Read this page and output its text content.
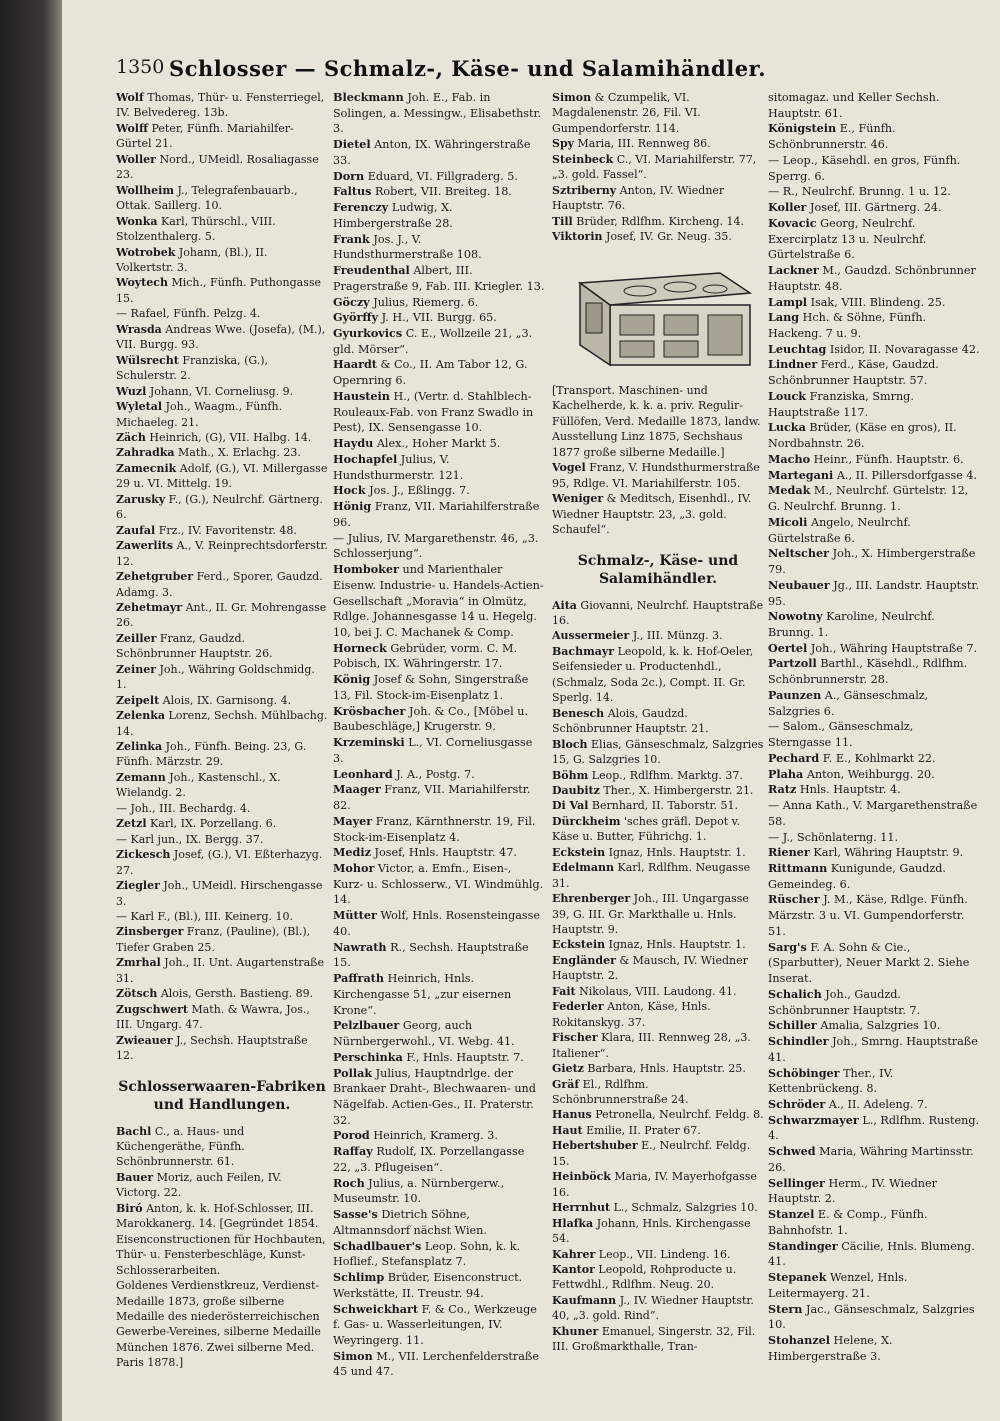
1350 Schlosser — Schmalz-, Käse- und Salamihändler.

Wolf Thomas, Thür- u. Fensterriegel, IV. Belvedereg. 13b.

Wolff Peter, Fünfh. Mariahilfer-Gürtel 21.

Woller Nord., UMeidl. Rosaliagasse 23.

Wollheim J., Telegrafenbauarb., Ottak. Saillerg. 10.

Wonka Karl, Thürschl., VIII. Stolzenthalerg. 5.

Wotrobek Johann, (Bl.), II. Volkertstr. 3.

Woytech Mich., Fünfh. Puthongasse 15.

— Rafael, Fünfh. Pelzg. 4.

Wrasda Andreas Wwe. (Josefa), (M.), VII. Burgg. 93.

Wülsrecht Franziska, (G.), Schulerstr. 2.

Wuzl Johann, VI. Corneliusg. 9.

Wyletal Joh., Waagm., Fünfh. Michaeleg. 21.

Zäch Heinrich, (G), VII. Halbg. 14.

Zahradka Math., X. Erlachg. 23.

Zamecnik Adolf, (G.), VI. Millergasse 29 u. VI. Mittelg. 19.

Zarusky F., (G.), Neulrchf. Gärtnerg. 6.

Zaufal Frz., IV. Favoritenstr. 48.

Zawerlits A., V. Reinprechtsdorferstr. 12.

Zehetgruber Ferd., Sporer, Gaudzd. Adamg. 3.

Zehetmayr Ant., II. Gr. Mohrengasse 26.

Zeiller Franz, Gaudzd. Schönbrunner Hauptstr. 26.

Zeiner Joh., Währing Goldschmidg. 1.

Zeipelt Alois, IX. Garnisong. 4.

Zelenka Lorenz, Sechsh. Mühlbachg. 14.

Zelinka Joh., Fünfh. Being. 23, G. Fünfh. Märzstr. 29.

Zemann Joh., Kastenschl., X. Wielandg. 2.

— Joh., III. Bechardg. 4.

Zetzl Karl, IX. Porzellang. 6.

— Karl jun., IX. Bergg. 37.

Zickesch Josef, (G.), VI. Eßterhazyg. 27.

Ziegler Joh., UMeidl. Hirschengasse 3.

— Karl F., (Bl.), III. Keinerg. 10.

Zinsberger Franz, (Pauline), (Bl.), Tiefer Graben 25.

Zmrhal Joh., II. Unt. Augartenstraße 31.

Zötsch Alois, Gersth. Bastieng. 89.

Zugschwert Math. & Wawra, Jos., III. Ungarg. 47.

Zwieauer J., Sechsh. Hauptstraße 12.

Schlosserwaaren-Fabriken und Handlungen.

Bachl C., a. Haus- und Küchengeräthe, Fünfh. Schönbrunnerstr. 61.

Bauer Moriz, auch Feilen, IV. Victorg. 22.

Biró Anton, k. k. Hof-Schlosser, III. Marokkanerg. 14. [Gegründet 1854. Eisenconstructionen für Hochbauten, Thür- u. Fensterbeschläge, Kunst-Schlosserarbeiten.

Goldenes Verdienstkreuz, Verdienst-Medaille 1873, große silberne Medaille des niederösterreichischen Gewerbe-Vereines, silberne Medaille München 1876. Zwei silberne Med. Paris 1878.]

Bleckmann Joh. E., Fab. in Solingen, a. Messingw., Elisabethstr. 3.

Dietel Anton, IX. Währingerstraße 33.

Dorn Eduard, VI. Fillgraderg. 5.

Faltus Robert, VII. Breiteg. 18.

Ferenczy Ludwig, X. Himbergerstraße 28.

Frank Jos. J., V. Hundsthurmerstraße 108.

Freudenthal Albert, III. Pragerstraße 9, Fab. III. Kriegler. 13.

Göczy Julius, Riemerg. 6.

Györffy J. H., VII. Burgg. 65.

Gyurkovics C. E., Wollzeile 21, „3. gld. Mörser“.

Haardt & Co., II. Am Tabor 12, G. Opernring 6.

Haustein H., (Vertr. d. Stahlblech-Rouleaux-Fab. von Franz Swadlo in Pest), IX. Sensengasse 10.

Haydu Alex., Hoher Markt 5.

Hochapfel Julius, V. Hundsthurmerstr. 121.

Hock Jos. J., Eßlingg. 7.

Hönig Franz, VII. Mariahilferstraße 96.

— Julius, IV. Margarethenstr. 46, „3. Schlosserjung“.

Homboker und Marienthaler Eisenw. Industrie- u. Handels-Actien-Gesellschaft „Moravia“ in Olmütz, Rdlge. Johannesgasse 14 u. Hegelg. 10, bei J. C. Machanek & Comp.

Horneck Gebrüder, vorm. C. M. Pobisch, IX. Währingerstr. 17.

König Josef & Sohn, Singerstraße 13, Fil. Stock-im-Eisenplatz 1.

Krösbacher Joh. & Co., [Möbel u. Baubeschläge,] Krugerstr. 9.

Krzeminski L., VI. Corneliusgasse 3.

Leonhard J. A., Postg. 7.

Maager Franz, VII. Mariahilferstr. 82.

Mayer Franz, Kärnthnerstr. 19, Fil. Stock-im-Eisenplatz 4.

Mediz Josef, Hnls. Hauptstr. 47.

Mohor Victor, a. Emfn., Eisen-, Kurz- u. Schlosserw., VI. Windmühlg. 14.

Mütter Wolf, Hnls. Rosensteingasse 40.

Nawrath R., Sechsh. Hauptstraße 15.

Paffrath Heinrich, Hnls. Kirchengasse 51, „zur eisernen Krone“.

Pelzlbauer Georg, auch Nürnbergerwohl., VI. Webg. 41.

Perschinka F., Hnls. Hauptstr. 7.

Pollak Julius, Hauptndrlge. der Brankaer Draht-, Blechwaaren- und Nägelfab. Actien-Ges., II. Praterstr. 32.

Porod Heinrich, Kramerg. 3.

Raffay Rudolf, IX. Porzellangasse 22, „3. Pflugeisen“.

Roch Julius, a. Nürnbergerw., Museumstr. 10.

Sasse's Dietrich Söhne, Altmannsdorf nächst Wien.

Schadlbauer's Leop. Sohn, k. k. Hoflief., Stefansplatz 7.

Schlimp Brüder, Eisenconstruct. Werkstätte, II. Treustr. 94.

Schweickhart F. & Co., Werkzeuge f. Gas- u. Wasserleitungen, IV. Weyringerg. 11.

Simon M., VII. Lerchenfelderstraße 45 und 47.

Simon & Czumpelik, VI. Magdalenenstr. 26, Fil. VI. Gumpendorferstr. 114.

Spy Maria, III. Rennweg 86.

Steinbeck C., VI. Mariahilferstr. 77, „3. gold. Fassel“.

Sztriberny Anton, IV. Wiedner Hauptstr. 76.

Till Brüder, Rdlfhm. Kircheng. 14.

Viktorin Josef, IV. Gr. Neug. 35.

[Transport. Maschinen- und Kachelherde, k. k. a. priv. Regulir-Füllöfen, Verd. Medaille 1873, landw. Ausstellung Linz 1875, Sechshaus 1877 große silberne Medaille.]

Vogel Franz, V. Hundsthurmerstraße 95, Rdlge. VI. Mariahilferstr. 105.

Weniger & Meditsch, Eisenhdl., IV. Wiedner Hauptstr. 23, „3. gold. Schaufel“.

Schmalz-, Käse- und Salamihändler.

Aita Giovanni, Neulrchf. Hauptstraße 16.

Aussermeier J., III. Münzg. 3.

Bachmayr Leopold, k. k. Hof-Oeler, Seifensieder u. Productenhdl., (Schmalz, Soda 2c.), Compt. II. Gr. Sperlg. 14.

Benesch Alois, Gaudzd. Schönbrunner Hauptstr. 21.

Bloch Elias, Gänseschmalz, Salzgries 15, G. Salzgries 10.

Böhm Leop., Rdlfhm. Marktg. 37.

Daubitz Ther., X. Himbergerstr. 21.

Di Val Bernhard, II. Taborstr. 51.

Dürckheim 'sches gräfl. Depot v. Käse u. Butter, Führichg. 1.

Eckstein Ignaz, Hnls. Hauptstr. 1.

Edelmann Karl, Rdlfhm. Neugasse 31.

Ehrenberger Joh., III. Ungargasse 39, G. III. Gr. Markthalle u. Hnls. Hauptstr. 9.

Eckstein Ignaz, Hnls. Hauptstr. 1.

Engländer & Mausch, IV. Wiedner Hauptstr. 2.

Fait Nikolaus, VIII. Laudong. 41.

Federler Anton, Käse, Hnls. Rokitanskyg. 37.

Fischer Klara, III. Rennweg 28, „3. Italiener“.

Gietz Barbara, Hnls. Hauptstr. 25.

Gräf El., Rdlfhm. Schönbrunnerstraße 24.

Hanus Petronella, Neulrchf. Feldg. 8.

Haut Emilie, II. Prater 67.

Hebertshuber E., Neulrchf. Feldg. 15.

Heinböck Maria, IV. Mayerhofgasse 16.

Herrnhut L., Schmalz, Salzgries 10.

Hlafka Johann, Hnls. Kirchengasse 54.

Kahrer Leop., VII. Lindeng. 16.

Kantor Leopold, Rohproducte u. Fettwdhl., Rdlfhm. Neug. 20.

Kaufmann J., IV. Wiedner Hauptstr. 40, „3. gold. Rind“.

Khuner Emanuel, Singerstr. 32, Fil. III. Großmarkthalle, Tran-

sitomagaz. und Keller Sechsh. Hauptstr. 61.

Königstein E., Fünfh. Schönbrunnerstr. 46.

— Leop., Käsehdl. en gros, Fünfh. Sperrg. 6.

— R., Neulrchf. Brunng. 1 u. 12.

Koller Josef, III. Gärtnerg. 24.

Kovacic Georg, Neulrchf. Exercirplatz 13 u. Neulrchf. Gürtelstraße 6.

Lackner M., Gaudzd. Schönbrunner Hauptstr. 48.

Lampl Isak, VIII. Blindeng. 25.

Lang Hch. & Söhne, Fünfh. Hackeng. 7 u. 9.

Leuchtag Isidor, II. Novaragasse 42.

Lindner Ferd., Käse, Gaudzd. Schönbrunner Hauptstr. 57.

Louck Franziska, Smrng. Hauptstraße 117.

Lucka Brüder, (Käse en gros), II. Nordbahnstr. 26.

Macho Heinr., Fünfh. Hauptstr. 6.

Martegani A., II. Pillersdorfgasse 4.

Medak M., Neulrchf. Gürtelstr. 12, G. Neulrchf. Brunng. 1.

Micoli Angelo, Neulrchf. Gürtelstraße 6.

Neltscher Joh., X. Himbergerstraße 79.

Neubauer Jg., III. Landstr. Hauptstr. 95.

Nowotny Karoline, Neulrchf. Brunng. 1.

Oertel Joh., Währing Hauptstraße 7.

Partzoll Barthl., Käsehdl., Rdlfhm. Schönbrunnerstr. 28.

Paunzen A., Gänseschmalz, Salzgries 6.

— Salom., Gänseschmalz, Sterngasse 11.

Pechard F. E., Kohlmarkt 22.

Plaha Anton, Weihburgg. 20.

Ratz Hnls. Hauptstr. 4.

— Anna Kath., V. Margarethenstraße 58.

— J., Schönlaterng. 11.

Riener Karl, Währing Hauptstr. 9.

Rittmann Kunigunde, Gaudzd. Gemeindeg. 6.

Rüscher J. M., Käse, Rdlge. Fünfh. Märzstr. 3 u. VI. Gumpendorferstr. 51.

Sarg's F. A. Sohn & Cie., (Sparbutter), Neuer Markt 2. Siehe Inserat.

Schalich Joh., Gaudzd. Schönbrunner Hauptstr. 7.

Schiller Amalia, Salzgries 10.

Schindler Joh., Smrng. Hauptstraße 41.

Schöbinger Ther., IV. Kettenbrückeng. 8.

Schröder A., II. Adeleng. 7.

Schwarzmayer L., Rdlfhm. Rusteng. 4.

Schwed Maria, Währing Martinsstr. 26.

Sellinger Herm., IV. Wiedner Hauptstr. 2.

Stanzel E. & Comp., Fünfh. Bahnhofstr. 1.

Standinger Cäcilie, Hnls. Blumeng. 41.

Stepanek Wenzel, Hnls. Leitermayerg. 21.

Stern Jac., Gänseschmalz, Salzgries 10.

Stohanzel Helene, X. Himbergerstraße 3.
